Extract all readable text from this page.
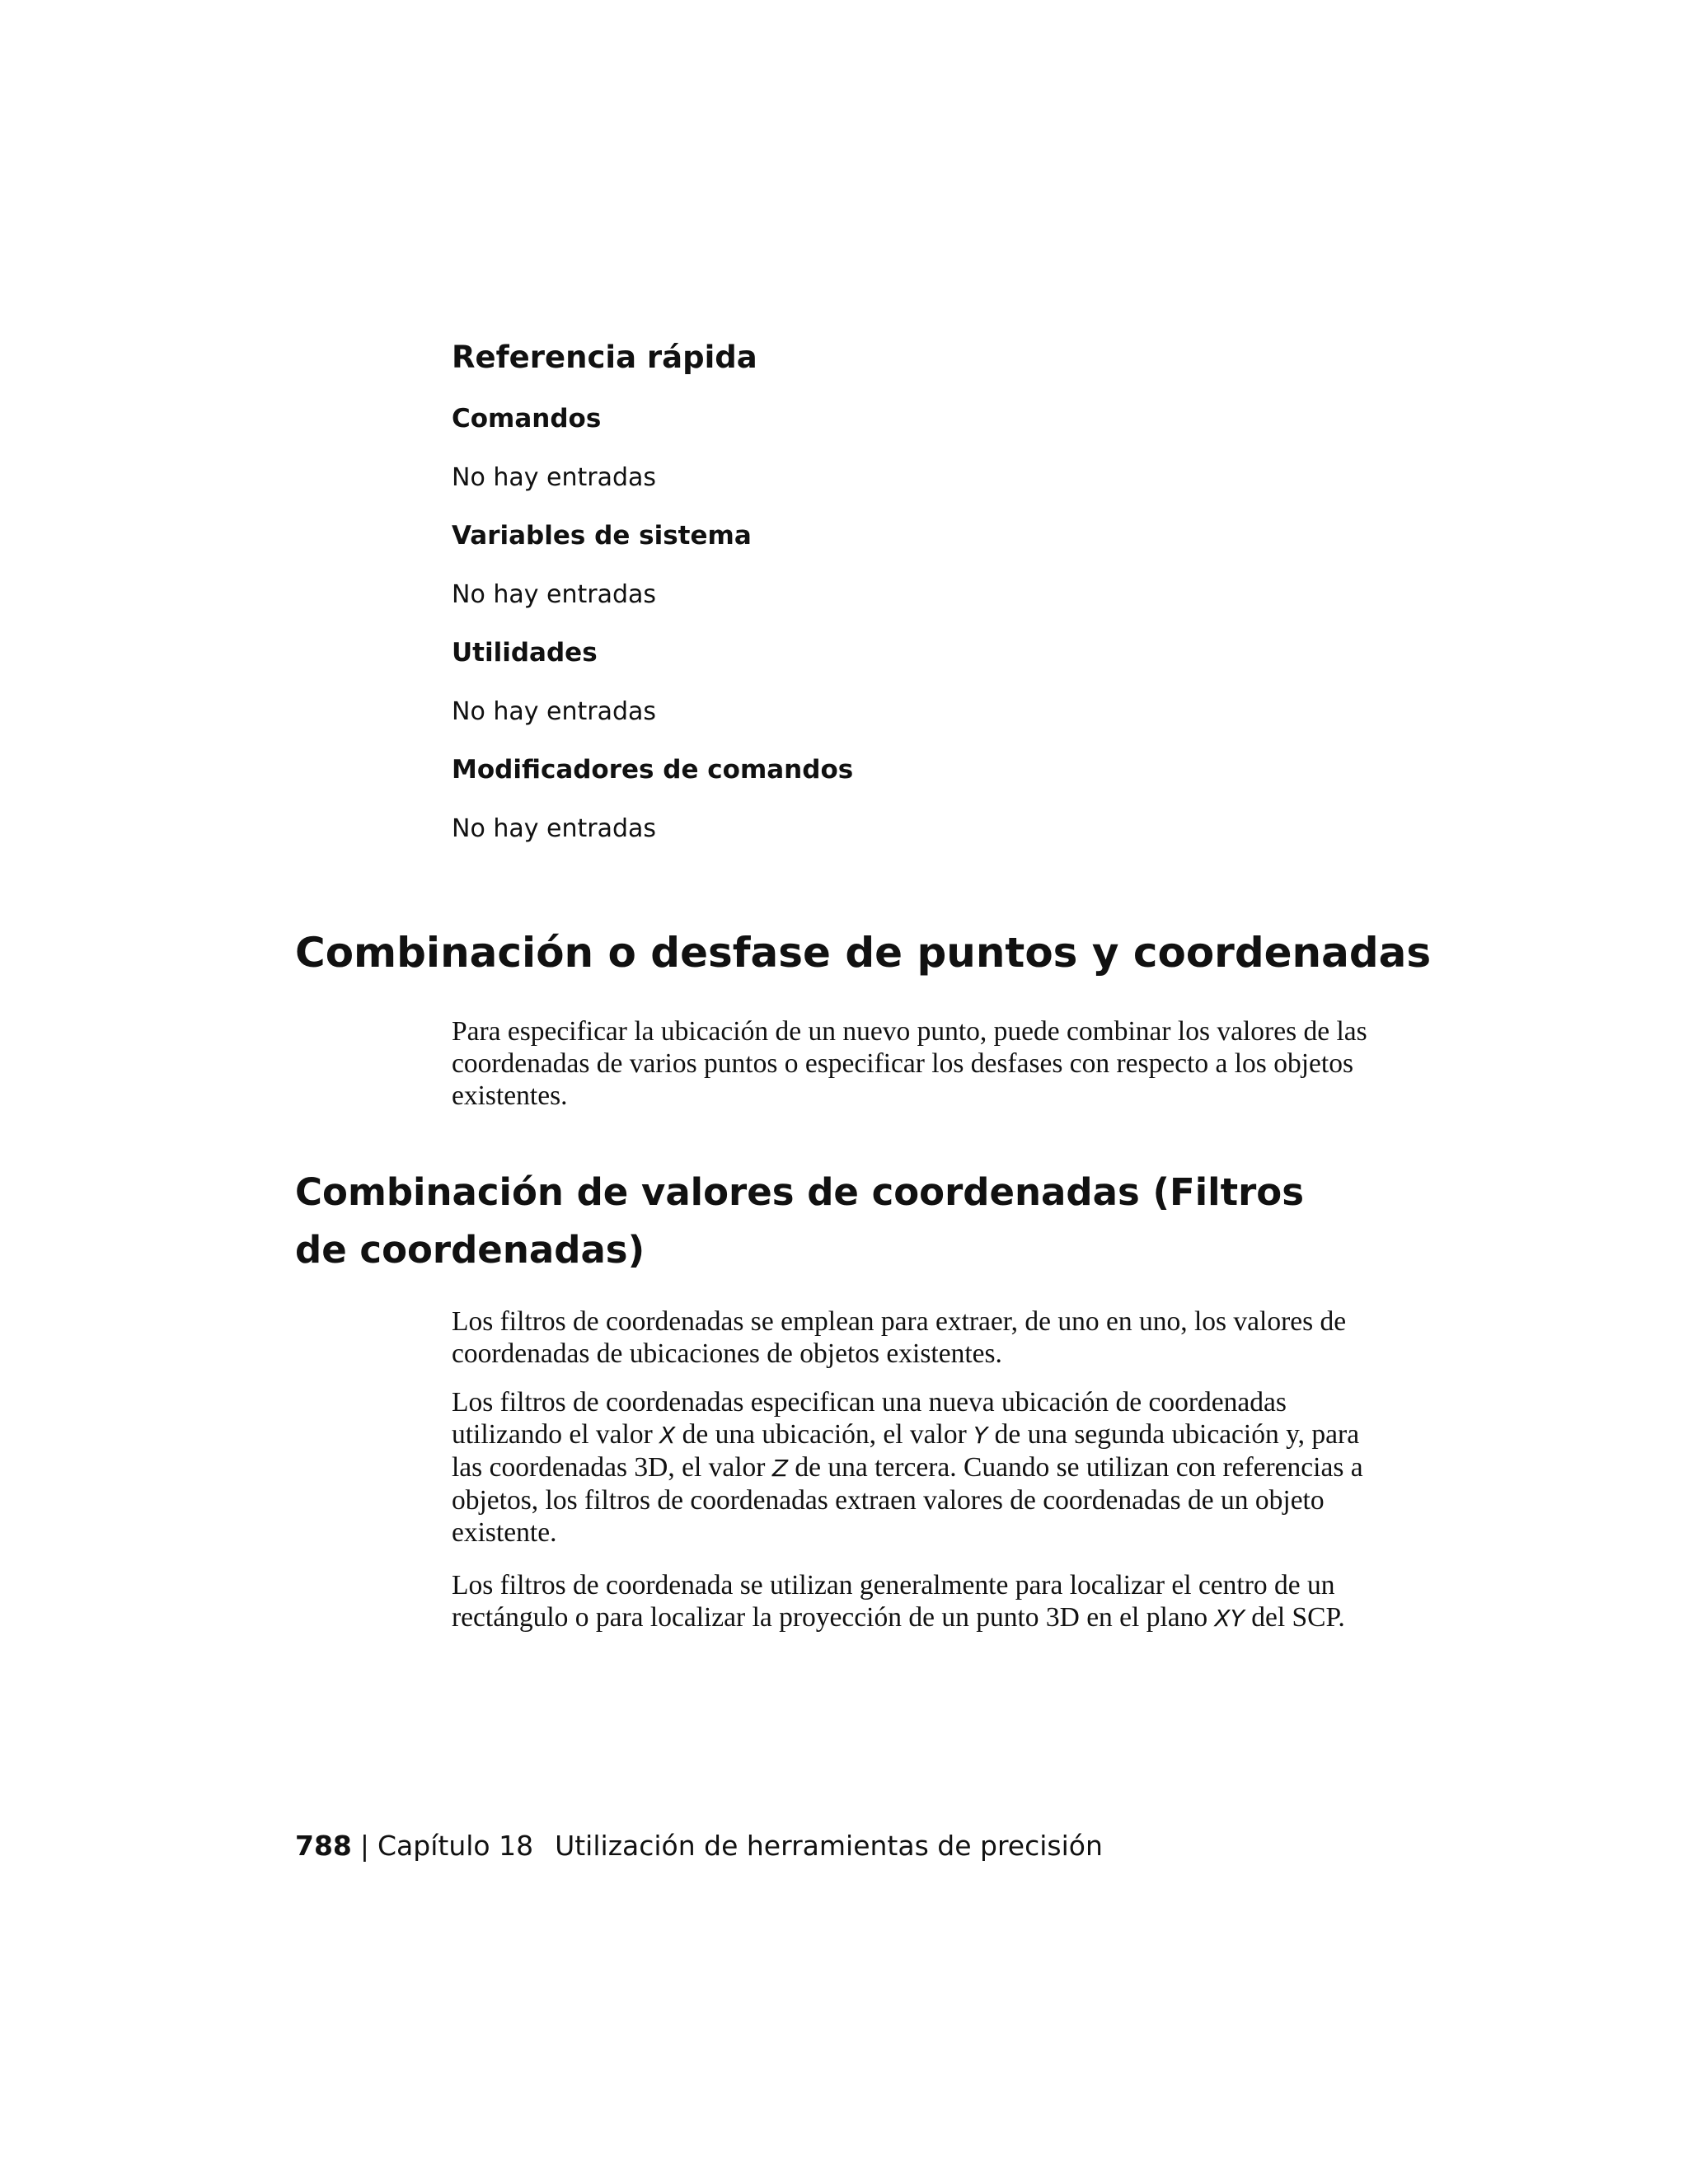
Referencia rápida
Comandos
No hay entradas
Variables de sistema
No hay entradas
Utilidades
No hay entradas
Modificadores de comandos
No hay entradas
Combinación o desfase de puntos y coordenadas

Para especificar la ubicación de un nuevo punto, puede combinar los valores de las coordenadas de varios puntos o especificar los desfases con respecto a los objetos existentes.

Combinación de valores de coordenadas (Filtros de coordenadas)

Los filtros de coordenadas se emplean para extraer, de uno en uno, los valores de coordenadas de ubicaciones de objetos existentes.

Los filtros de coordenadas especifican una nueva ubicación de coordenadas utilizando el valor X de una ubicación, el valor Y de una segunda ubicación y, para las coordenadas 3D, el valor Z de una tercera. Cuando se utilizan con referencias a objetos, los filtros de coordenadas extraen valores de coordenadas de un objeto existente.

Los filtros de coordenada se utilizan generalmente para localizar el centro de un rectángulo o para localizar la proyección de un punto 3D en el plano XY del SCP.

788 | Capítulo 18 Utilización de herramientas de precisión
